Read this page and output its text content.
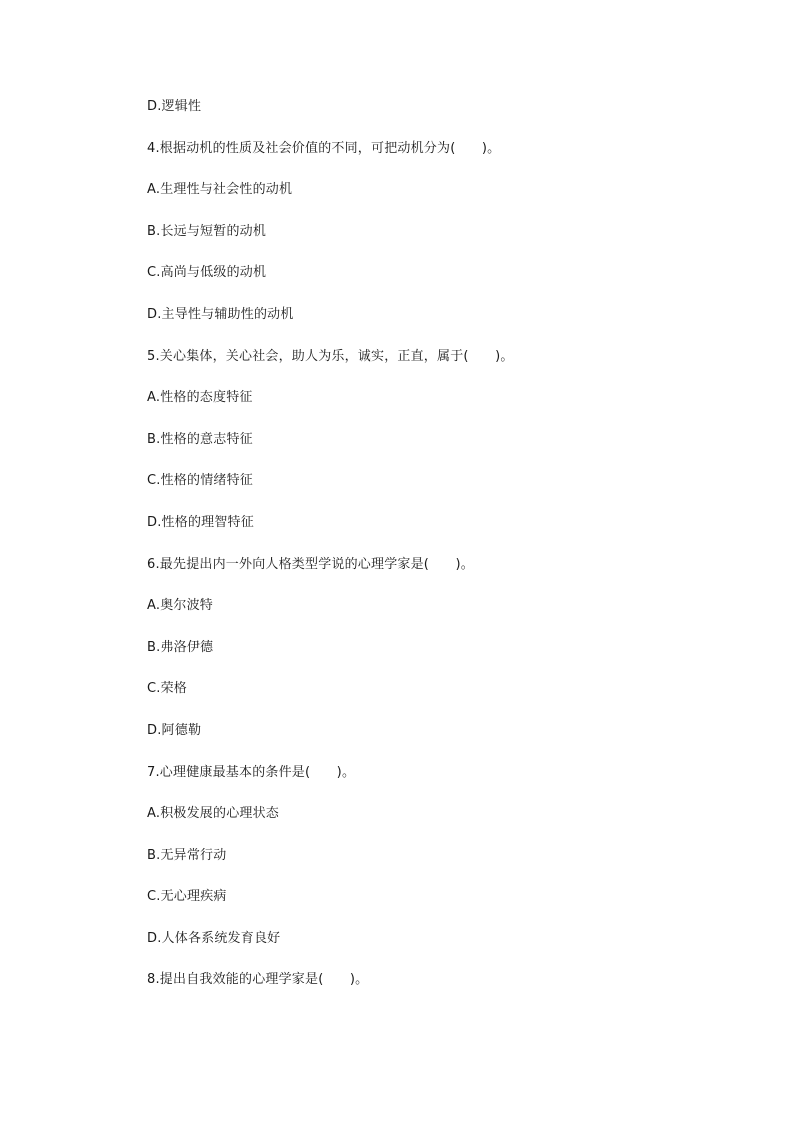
D.逻辑性
4.根据动机的性质及社会价值的不同，可把动机分为(　　)。
A.生理性与社会性的动机
B.长远与短暂的动机
C.高尚与低级的动机
D.主导性与辅助性的动机
5.关心集体，关心社会，助人为乐，诚实，正直，属于(　　)。
A.性格的态度特征
B.性格的意志特征
C.性格的情绪特征
D.性格的理智特征
6.最先提出内一外向人格类型学说的心理学家是(　　)。
A.奥尔波特
B.弗洛伊德
C.荣格
D.阿德勒
7.心理健康最基本的条件是(　　)。
A.积极发展的心理状态
B.无异常行动
C.无心理疾病
D.人体各系统发育良好
8.提出自我效能的心理学家是(　　)。
